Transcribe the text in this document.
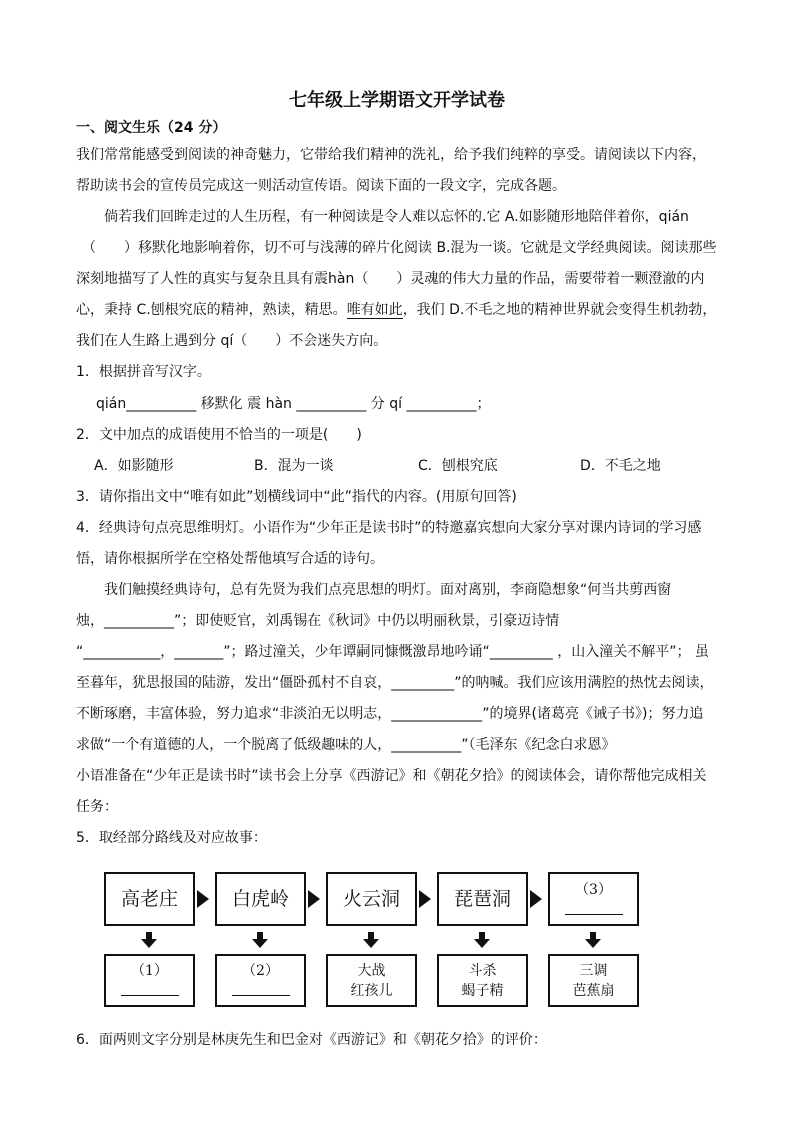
七年级上学期语文开学试卷
一、阅文生乐（24 分）
我们常常能感受到阅读的神奇魅力，它带给我们精神的洗礼，给予我们纯粹的享受。请阅读以下内容，
帮助读书会的宣传员完成这一则活动宣传语。阅读下面的一段文字，完成各题。
倘若我们回眸走过的人生历程，有一种阅读是令人难以忘怀的.它 A.如影随形地陪伴着你，qián
（　　）移默化地影响着你，切不可与浅薄的碎片化阅读 B.混为一谈。它就是文学经典阅读。阅读那些
深刻地描写了人性的真实与复杂且具有震hàn（　　）灵魂的伟大力量的作品，需要带着一颗澄澈的内
心，秉持 C.刨根究底的精神，熟读，精思。唯有如此，我们 D.不毛之地的精神世界就会变得生机勃勃，
我们在人生路上遇到分 qí（　　）不会迷失方向。
1．根据拼音写汉字。
qián__________ 移默化 震 hàn __________ 分 qí __________；
2．文中加点的成语使用不恰当的一项是(　　)
A．如影随形	B．混为一谈	C．刨根究底	D．不毛之地
3．请你指出文中“唯有如此”划横线词中“此”指代的内容。(用原句回答)
4．经典诗句点亮思维明灯。小语作为“少年正是读书时”的特邀嘉宾想向大家分享对课内诗词的学习感
悟，请你根据所学在空格处帮他填写合适的诗句。
我们触摸经典诗句，总有先贤为我们点亮思想的明灯。面对离别，李商隐想象“何当共剪西窗
烛，__________”；即使贬官，刘禹锡在《秋词》中仍以明丽秋景，引豪迈诗情
“___________，_______”；路过潼关，少年谭嗣同慷慨激昂地吟诵“_________ ，山入潼关不解平”； 虽
至暮年，犹思报国的陆游，发出“僵卧孤村不自哀，_________”的呐喊。我们应该用满腔的热忱去阅读，
不断琢磨，丰富体验，努力追求“非淡泊无以明志，_____________”的境界(诸葛亮《诫子书》)；努力追
求做“一个有道德的人，一个脱离了低级趣味的人，__________”（毛泽东《纪念白求恩》
小语准备在“少年正是读书时”读书会上分享《西游记》和《朝花夕拾》的阅读体会，请你帮他完成相关
任务：
5．取经部分路线及对应故事：
高老庄	白虎岭	火云洞	琵琶洞	（3）
（1）	（2）	大战
红孩儿
斗杀
蝎子精
三调
芭蕉扇
6．面两则文字分别是林庚先生和巴金对《西游记》和《朝花夕拾》的评价：
